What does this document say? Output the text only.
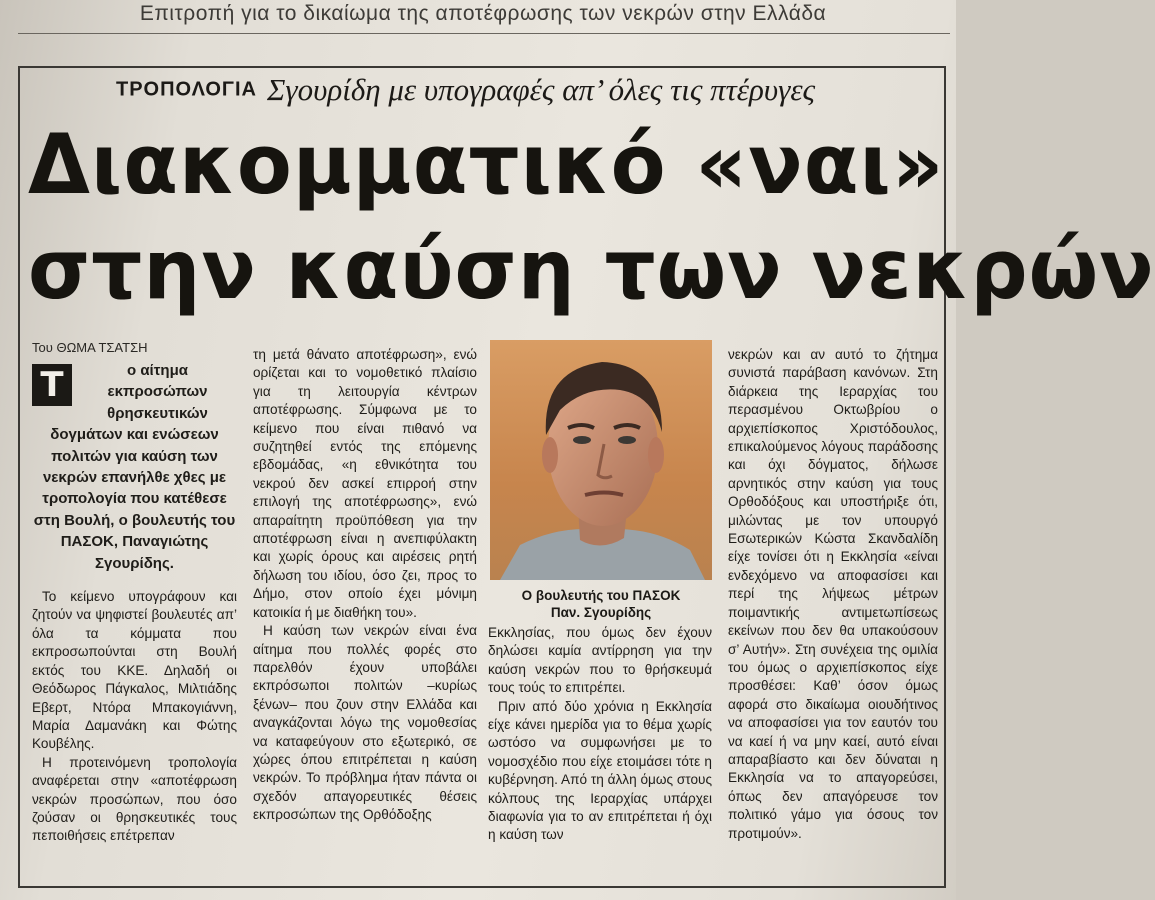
Επιτροπή για το δικαίωμα της αποτέφρωσης των νεκρών στην Ελλάδα
ΤΡΟΠΟΛΟΓΙΑ Σγουρίδη με υπογραφές απ’ όλες τις πτέρυγες
Διακομματικό «ναι»
στην καύση των νεκρών
Του ΘΩΜΑ ΤΣΑΤΣΗ

Τ	ο αίτημα εκπροσώπων θρησκευτικών δογμάτων και ενώσεων πολιτών για καύση των νεκρών επανήλθε χθες με τροπολογία που κατέθεσε στη Βουλή, ο βουλευτής του ΠΑΣΟΚ, Παναγιώτης Σγουρίδης.

Το κείμενο υπογράφουν και ζητούν να ψηφιστεί βουλευτές απ’ όλα τα κόμματα που εκπροσωπούνται στη Βουλή εκτός του ΚΚΕ. Δηλαδή οι Θεόδωρος Πάγκαλος, Μιλτιάδης Εβερτ, Ντόρα Μπακογιάννη, Μαρία Δαμανάκη και Φώτης Κουβέλης.

Η προτεινόμενη τροπολογία αναφέρεται στην «αποτέφρωση νεκρών προσώπων, που όσο ζούσαν οι θρησκευτικές τους πεποιθήσεις επέτρεπαν

τη μετά θάνατο αποτέφρωση», ενώ ορίζεται και το νομοθετικό πλαίσιο για τη λειτουργία κέντρων αποτέφρωσης. Σύμφωνα με το κείμενο που είναι πιθανό να συζητηθεί εντός της επόμενης εβδομάδας, «η εθνικότητα του νεκρού δεν ασκεί επιρροή στην επιλογή της αποτέφρωσης», ενώ απαραίτητη προϋπόθεση για την αποτέφρωση είναι η ανεπιφύλακτη και χωρίς όρους και αιρέσεις ρητή δήλωση του ιδίου, όσο ζει, προς το Δήμο, στον οποίο έχει μόνιμη κατοικία ή με διαθήκη του».

Η καύση των νεκρών είναι ένα αίτημα που πολλές φορές στο παρελθόν έχουν υποβάλει εκπρόσωποι πολιτών –κυρίως ξένων– που ζουν στην Ελλάδα και αναγκάζονται λόγω της νομοθεσίας να καταφεύγουν στο εξωτερικό, σε χώρες όπου επιτρέπεται η καύση νεκρών. Το πρόβλημα ήταν πάντα οι σχεδόν απαγορευτικές θέσεις εκπροσώπων της Ορθόδοξης

Ο βουλευτής του ΠΑΣΟΚ
Παν. Σγουρίδης

Εκκλησίας, που όμως δεν έχουν δηλώσει καμία αντίρρηση για την καύση νεκρών που το θρήσκευμά τους τούς το επιτρέπει.

Πριν από δύο χρόνια η Εκκλησία είχε κάνει ημερίδα για το θέμα χωρίς ωστόσο να συμφωνήσει με το νομοσχέδιο που είχε ετοιμάσει τότε η κυβέρνηση. Από τη άλλη όμως στους κόλπους της Ιεραρχίας υπάρχει διαφωνία για το αν επιτρέπεται ή όχι η καύση των

νεκρών και αν αυτό το ζήτημα συνιστά παράβαση κανόνων. Στη διάρκεια της Ιεραρχίας του περασμένου Οκτωβρίου ο αρχιεπίσκοπος Χριστόδουλος, επικαλούμενος λόγους παράδοσης και όχι δόγματος, δήλωσε αρνητικός στην καύση για τους Ορθοδόξους και υποστήριξε ότι, μιλώντας με τον υπουργό Εσωτερικών Κώστα Σκανδαλίδη είχε τονίσει ότι η Εκκλησία «είναι ενδεχόμενο να αποφασίσει και περί της λήψεως μέτρων ποιμαντικής αντιμετωπίσεως εκείνων που δεν θα υπακούσουν σ’ Αυτήν». Στη συνέχεια της ομιλία του όμως ο αρχιεπίσκοπος είχε προσθέσει: Καθ’ όσον όμως αφορά στο δικαίωμα οιουδήτινος να αποφασίσει για τον εαυτόν του να καεί ή να μην καεί, αυτό είναι απαραβίαστο και δεν δύναται η Εκκλησία να το απαγορεύσει, όπως δεν απαγόρευσε τον πολιτικό γάμο για όσους τον προτιμούν».
